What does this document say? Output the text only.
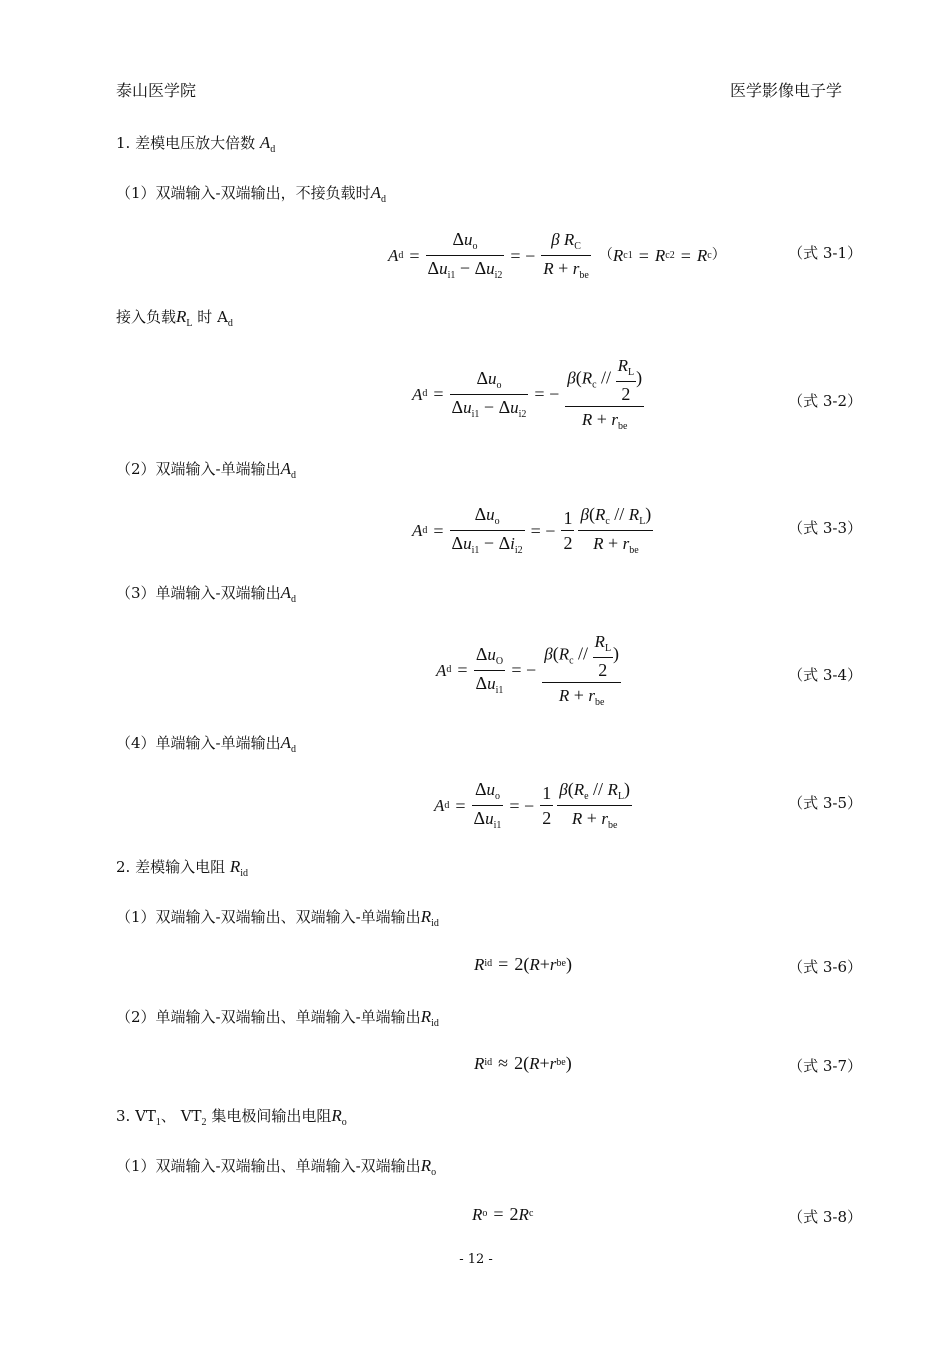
泰山医学院	医学影像电子学
1. 差模电压放大倍数 $A_d$
（1）双端输入-双端输出，不接负载时$A_d$
A $d = \frac{\Delta u_o}{\Delta u_{i1} - \Delta u_{i2}}$ = − $\frac{\beta R_C}{R + r_{be}}$ （ R c1 = R c2 = R c ）	（式 3-1）
接入负载$R_L$ 时 $A_d$
A $d = \frac{\Delta u_o}{\Delta u_{i1} - \Delta u_{i2}}$ = − $\frac{\beta(R_c // \frac{R_L}{2} )}{R + r_{be}}$	（式 3-2）
（2）双端输入-单端输出$A_d$
A $d = \frac{\Delta u_o}{\Delta u_{i1} - \Delta i_{i2}}$ = − $\frac{1}{2} \frac{\beta(R_c // R_L)}{R + r_{be}}$	（式 3-3）
（3）单端输入-双端输出$A_d$
A $d = \frac{\Delta u_O}{\Delta u_{i1}}$ = − $\frac{\beta(R_c // \frac{R_L}{2} )}{R + r_{be}}$	（式 3-4）
（4）单端输入-单端输出$A_d$
A $d = \frac{\Delta u_o}{\Delta u_{i1}}$ = − $\frac{1}{2} \frac{\beta(R_e // R_L)}{R + r_{be}}$	（式 3-5）
2. 差模输入电阻 $R_{id}$
（1）双端输入-双端输出、双端输入-单端输出$R_{id}$
R id = 2( R + r be )	（式 3-6）
（2）单端输入-双端输出、单端输入-单端输出$R_{id}$
R id ≈ 2( R + r be )	（式 3-7）
3. $VT_1$、 $VT_2$ 集电极间输出电阻$R_o$
（1）双端输入-双端输出、单端输入-双端输出$R_o$
R o = 2 R c	（式 3-8）
- 12 -
